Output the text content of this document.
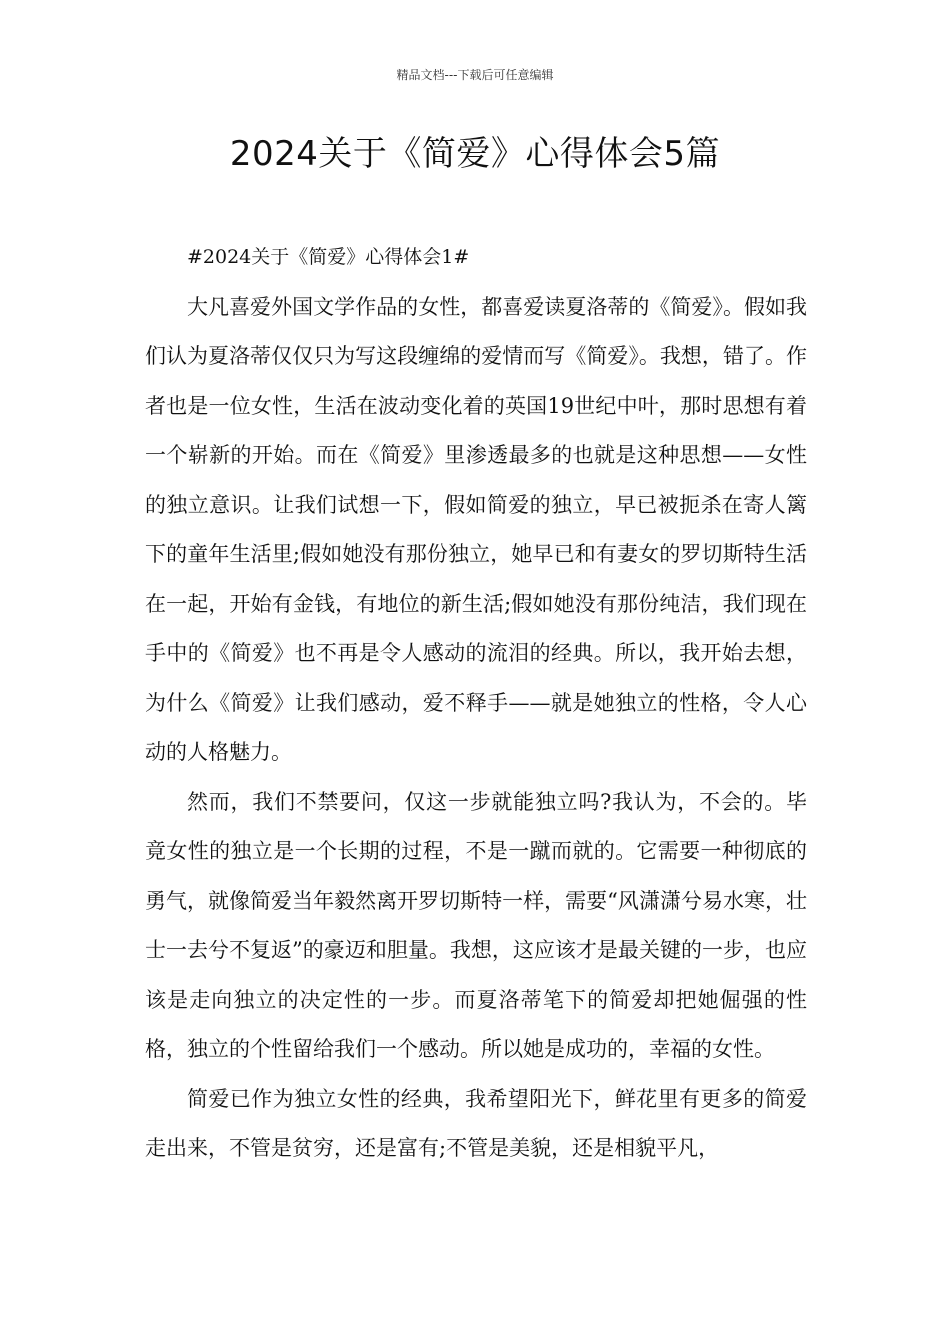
精品文档---下载后可任意编辑
2024关于《简爱》心得体会5篇

#2024关于《简爱》心得体会1#

大凡喜爱外国文学作品的女性，都喜爱读夏洛蒂的《简爱》。假如我们认为夏洛蒂仅仅只为写这段缠绵的爱情而写《简爱》。我想，错了。作者也是一位女性，生活在波动变化着的英国19世纪中叶，那时思想有着一个崭新的开始。而在《简爱》里渗透最多的也就是这种思想——女性的独立意识。让我们试想一下，假如简爱的独立，早已被扼杀在寄人篱下的童年生活里;假如她没有那份独立，她早已和有妻女的罗切斯特生活在一起，开始有金钱，有地位的新生活;假如她没有那份纯洁，我们现在手中的《简爱》也不再是令人感动的流泪的经典。所以，我开始去想，为什么《简爱》让我们感动，爱不释手——就是她独立的性格，令人心动的人格魅力。

然而，我们不禁要问，仅这一步就能独立吗?我认为，不会的。毕竟女性的独立是一个长期的过程，不是一蹴而就的。它需要一种彻底的勇气，就像简爱当年毅然离开罗切斯特一样，需要“风潇潇兮易水寒，壮士一去兮不复返”的豪迈和胆量。我想，这应该才是最关键的一步，也应该是走向独立的决定性的一步。而夏洛蒂笔下的简爱却把她倔强的性格，独立的个性留给我们一个感动。所以她是成功的，幸福的女性。

简爱已作为独立女性的经典，我希望阳光下，鲜花里有更多的简爱走出来，不管是贫穷，还是富有;不管是美貌，还是相貌平凡，
